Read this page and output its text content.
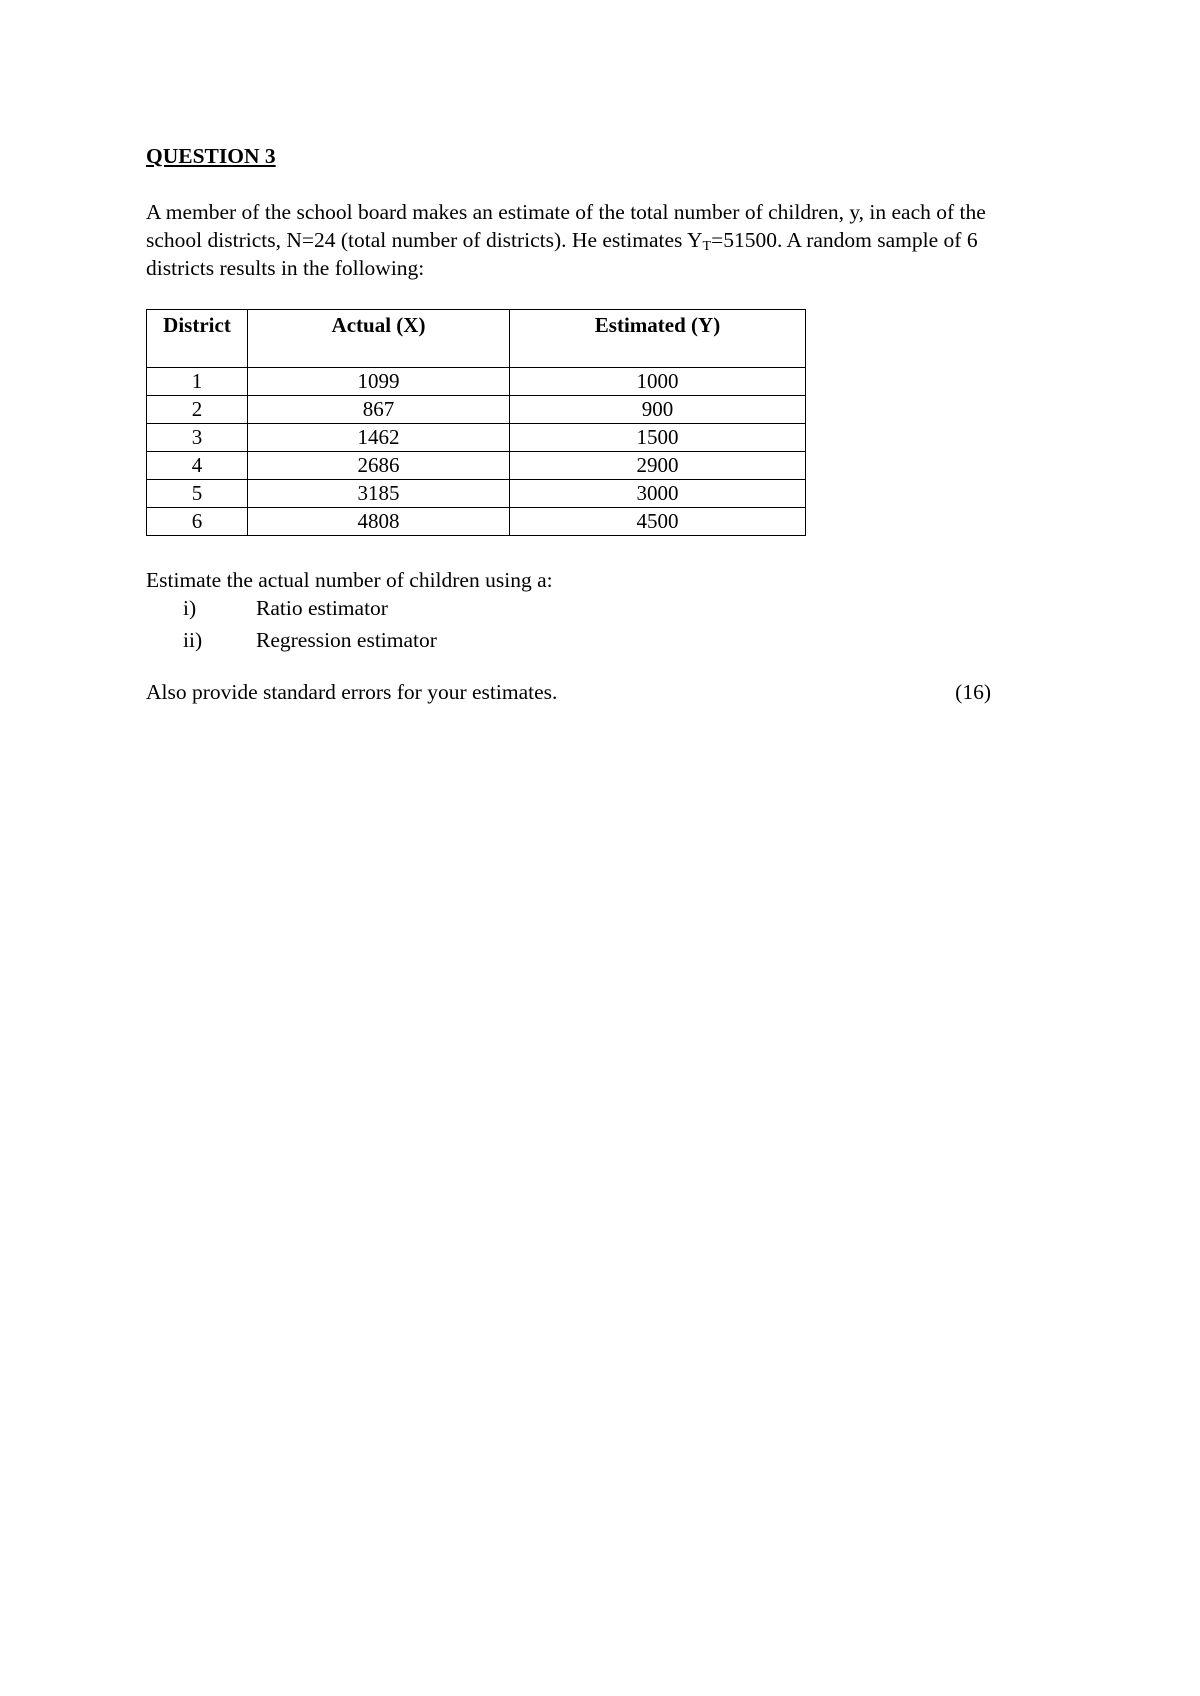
QUESTION 3

A member of the school board makes an estimate of the total number of children, y, in each of the school districts, N=24 (total number of districts). He estimates YT=51500. A random sample of 6 districts results in the following:

District	Actual (X)	Estimated (Y)
1	1099	1000
2	867	900
3	1462	1500
4	2686	2900
5	3185	3000
6	4808	4500

Estimate the actual number of children using a:

i)	Ratio estimator
ii)	Regression estimator

Also provide standard errors for your estimates.	(16)
